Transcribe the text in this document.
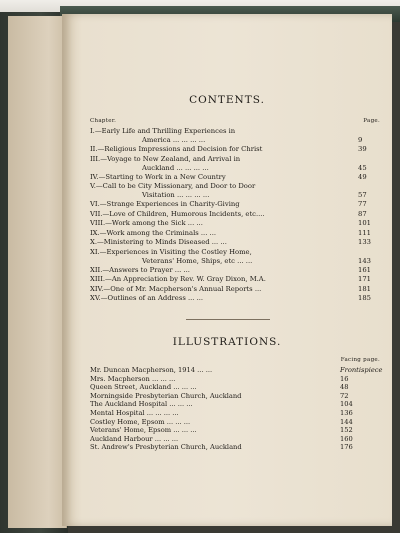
CONTENTS.
Chapter.	Page.
I.—Early Life and Thrilling Experiences in
America ... ... ... ...	9
II.—Religious Impressions and Decision for Christ	39
III.—Voyage to New Zealand, and Arrival in
Auckland ... ... ... ...	45
IV.—Starting to Work in a New Country	49
V.—Call to be City Missionary, and Door to Door
Visitation ... ... ... ...	57
VI.—Strange Experiences in Charity-Giving	77
VII.—Love of Children, Humorous Incidents, etc....	87
VIII.—Work among the Sick ... ...	101
IX.—Work among the Criminals ... ...	111
X.—Ministering to Minds Diseased ... ...	133
XI.—Experiences in Visiting the Costley Home,
Veterans' Home, Ships, etc ... ...	143
XII.—Answers to Prayer ... ...	161
XIII.—An Appreciation by Rev. W. Gray Dixon, M.A.	171
XIV.—One of Mr. Macpherson's Annual Reports ...	181
XV.—Outlines of an Address ... ...	185
ILLUSTRATIONS.
Facing page.
Mr. Duncan Macpherson, 1914 ... ...	Frontispiece
Mrs. Macpherson ... ... ...	16
Queen Street, Auckland ... ... ...	48
Morningside Presbyterian Church, Auckland	72
The Auckland Hospital ... ... ...	104
Mental Hospital ... ... ... ...	136
Costley Home, Epsom ... ... ...	144
Veterans' Home, Epsom ... ... ...	152
Auckland Harbour ... ... ...	160
St. Andrew's Presbyterian Church, Auckland	176
